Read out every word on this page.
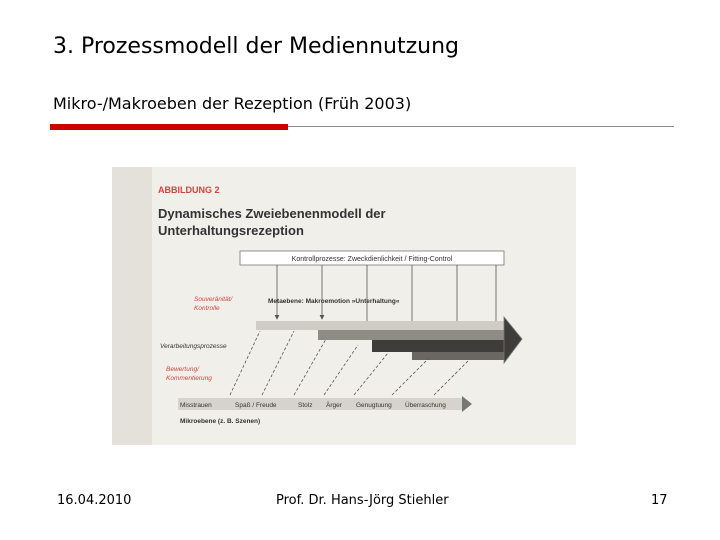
3. Prozessmodell der Mediennutzung
Mikro-/Makroeben der Rezeption (Früh 2003)
ABBILDUNG 2
Dynamisches Zweiebenenmodell der
Unterhaltungsrezeption
Kontrollprozesse: Zweckdienlichkeit / Fitting-Control
Souveränität/
Kontrolle
Metaebene: Makroemotion »Unterhaltung«
Verarbeitungsprozesse
Bewertung/
Kommentierung
Misstrauen	Spaß / Freude	Stolz Ärger Genugtuung Überraschung
Mikroebene (z. B. Szenen)
16.04.2010	Prof. Dr. Hans-Jörg Stiehler	17
